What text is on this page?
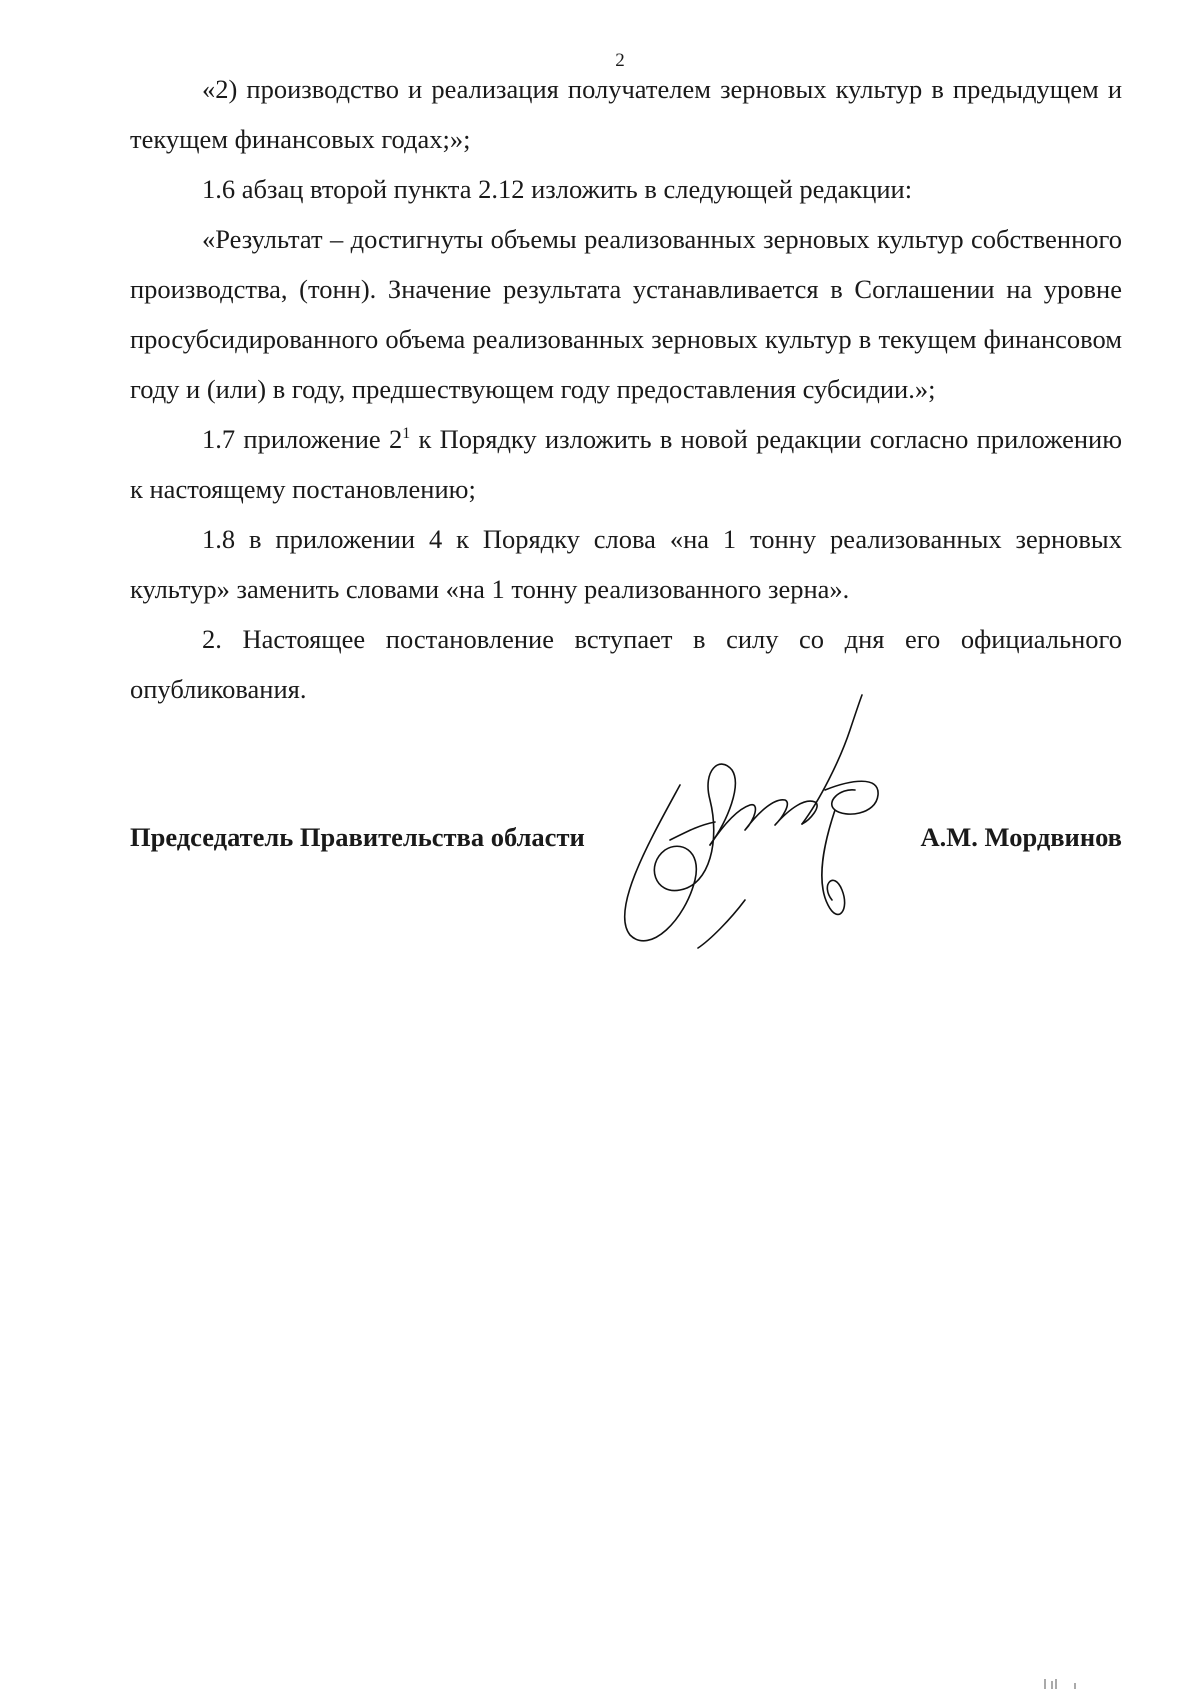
2

«2) производство и реализация получателем зерновых культур в предыдущем и текущем финансовых годах;»;

1.6 абзац второй пункта 2.12 изложить в следующей редакции:

«Результат – достигнуты объемы реализованных зерновых культур собственного производства, (тонн). Значение результата устанавливается в Соглашении на уровне просубсидированного объема реализованных зерновых культур в текущем финансовом году и (или) в году, предшествующем году предоставления субсидии.»;

1.7 приложение $2^1$ к Порядку изложить в новой редакции согласно приложению к настоящему постановлению;

1.8 в приложении 4 к Порядку слова «на 1 тонну реализованных зерновых культур» заменить словами «на 1 тонну реализованного зерна».

2. Настоящее постановление вступает в силу со дня его официального опубликования.

Председатель Правительства области	А.М. Мордвинов
